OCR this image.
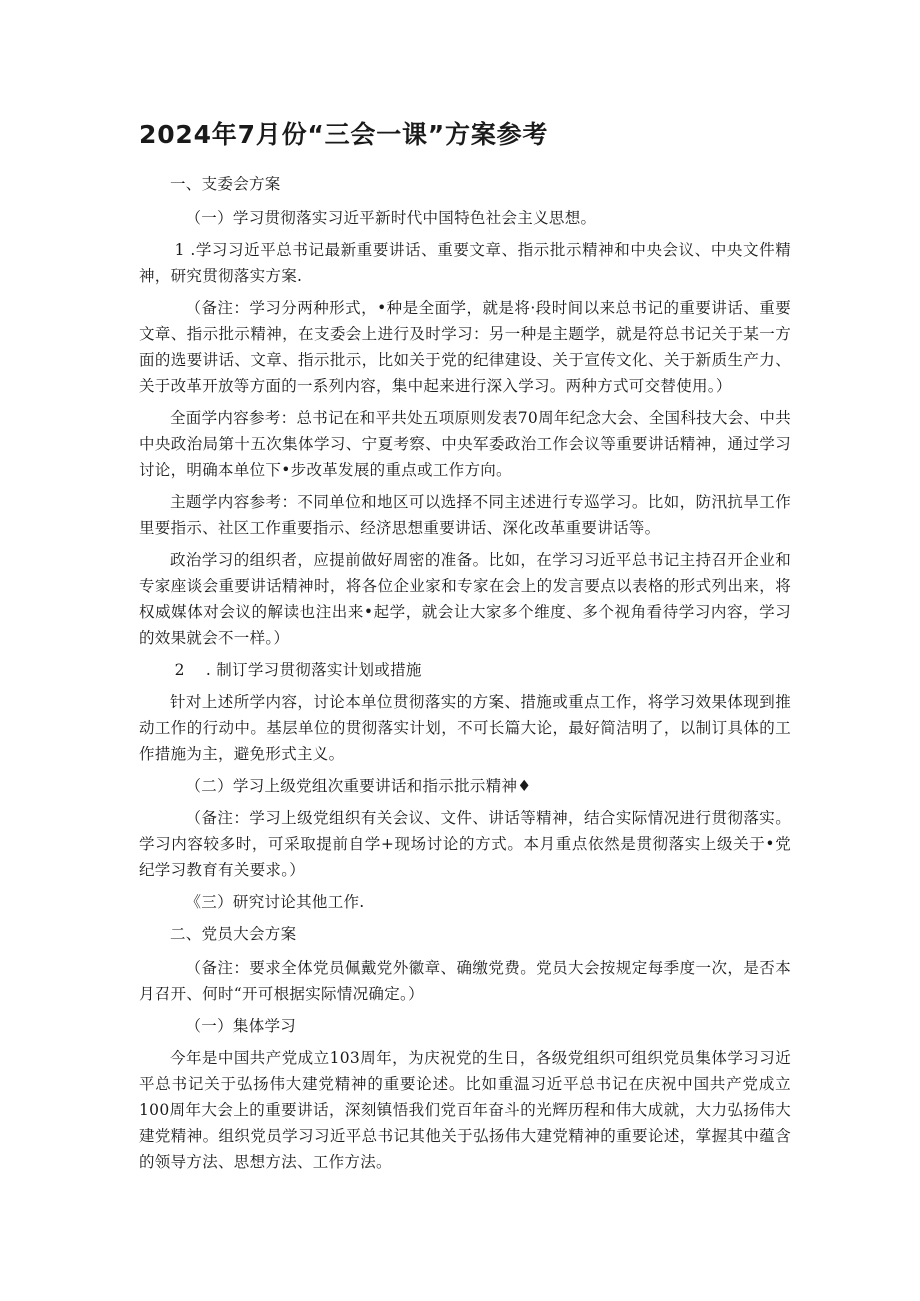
2024年7月份“三会一课”方案参考

一、支委会方案

（一）学习贯彻落实习近平新时代中国特色社会主义思想。

1 .学习习近平总书记最新重要讲话、重要文章、指示批示精神和中央会议、中央文件精神，研究贯彻落实方案.

（备注：学习分两种形式，•种是全面学，就是将·段时间以来总书记的重要讲话、重要文章、指示批示精神，在支委会上进行及时学习：另一种是主题学，就是符总书记关于某一方面的选要讲话、文章、指示批示，比如关于党的纪律建设、关于宣传文化、关于新质生产力、关于改革开放等方面的一系列内容，集中起来进行深入学习。两种方式可交替使用。）

全面学内容参考：总书记在和平共处五项原则发表70周年纪念大会、全国科技大会、中共中央政治局第十五次集体学习、宁夏考察、中央军委政治工作会议等重要讲话精神，通过学习讨论，明确本单位下•步改革发展的重点或工作方向。

主题学内容参考：不同单位和地区可以选择不同主述进行专巡学习。比如，防汛抗旱工作里要指示、社区工作重要指示、经济思想重要讲话、深化改革重要讲话等。

政治学习的组织者，应提前做好周密的准备。比如，在学习习近平总书记主持召开企业和专家座谈会重要讲话精神时，将各位企业家和专家在会上的发言要点以表格的形式列出来，将权威媒体对会议的解读也注出来•起学，就会让大家多个维度、多个视角看待学习内容，学习的效果就会不一样。）

2　 . 制订学习贯彻落实计划或措施

针对上述所学内容，讨论本单位贯彻落实的方案、措施或重点工作，将学习效果体现到推动工作的行动中。基层单位的贯彻落实计划，不可长篇大论，最好简洁明了，以制订具体的工作措施为主，避免形式主义。

（二）学习上级党组次重要讲话和指示批示精神♦

（备注：学习上级党组织有关会议、文件、讲话等精神，结合实际情况进行贯彻落实。学习内容较多时，可采取提前自学+现场讨论的方式。本月重点依然是贯彻落实上级关于•党纪学习教育有关要求。）

《三）研究讨论其他工作.

二、党员大会方案

（备注：要求全体党员佩戴党外徽章、确缴党费。党员大会按规定每季度一次，是否本月召开、何时“开可根据实际情况确定。）

（一）集体学习

今年是中国共产党成立103周年，为庆祝党的生日，各级党组织可组织党员集体学习习近平总书记关于弘扬伟大建党精神的重要论述。比如重温习近平总书记在庆祝中国共产党成立100周年大会上的重要讲话，深刻镇悟我们党百年奋斗的光辉历程和伟大成就，大力弘扬伟大建党精神。组织党员学习习近平总书记其他关于弘扬伟大建党精神的重要论述，掌握其中蕴含的领导方法、思想方法、工作方法。
